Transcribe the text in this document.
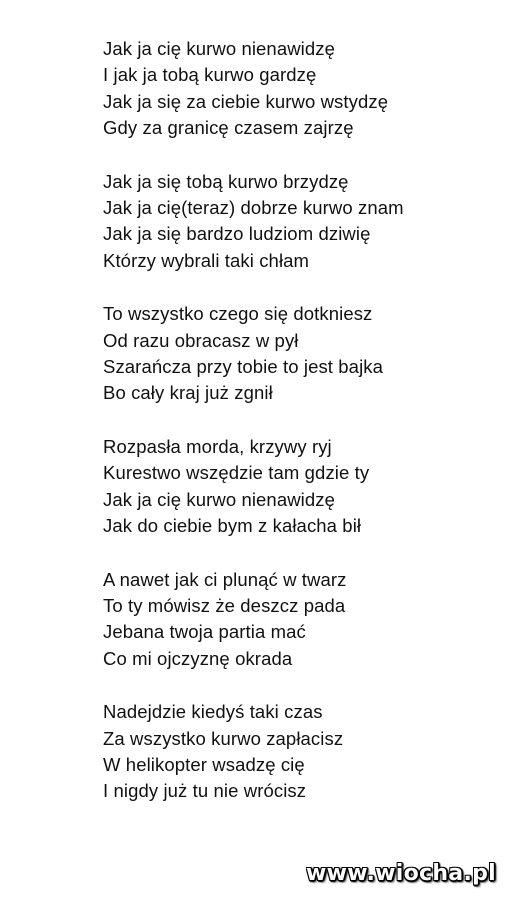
Jak ja cię kurwo nienawidzę
I jak ja tobą kurwo gardzę
Jak ja się za ciebie kurwo wstydzę
Gdy za granicę czasem zajrzę
Jak ja się tobą kurwo brzydzę
Jak ja cię(teraz) dobrze kurwo znam
Jak ja się bardzo ludziom dziwię
Którzy wybrali taki chłam
To wszystko czego się dotkniesz
Od razu obracasz w pył
Szarańcza przy tobie to jest bajka
Bo cały kraj już zgnił
Rozpasła morda, krzywy ryj
Kurestwo wszędzie tam gdzie ty
Jak ja cię kurwo nienawidzę
Jak do ciebie bym z kałacha bił
A nawet jak ci plunąć w twarz
To ty mówisz że deszcz pada
Jebana twoja partia mać
Co mi ojczyznę okrada
Nadejdzie kiedyś taki czas
Za wszystko kurwo zapłacisz
W helikopter wsadzę cię
I nigdy już tu nie wrócisz
www.wiocha.pl
